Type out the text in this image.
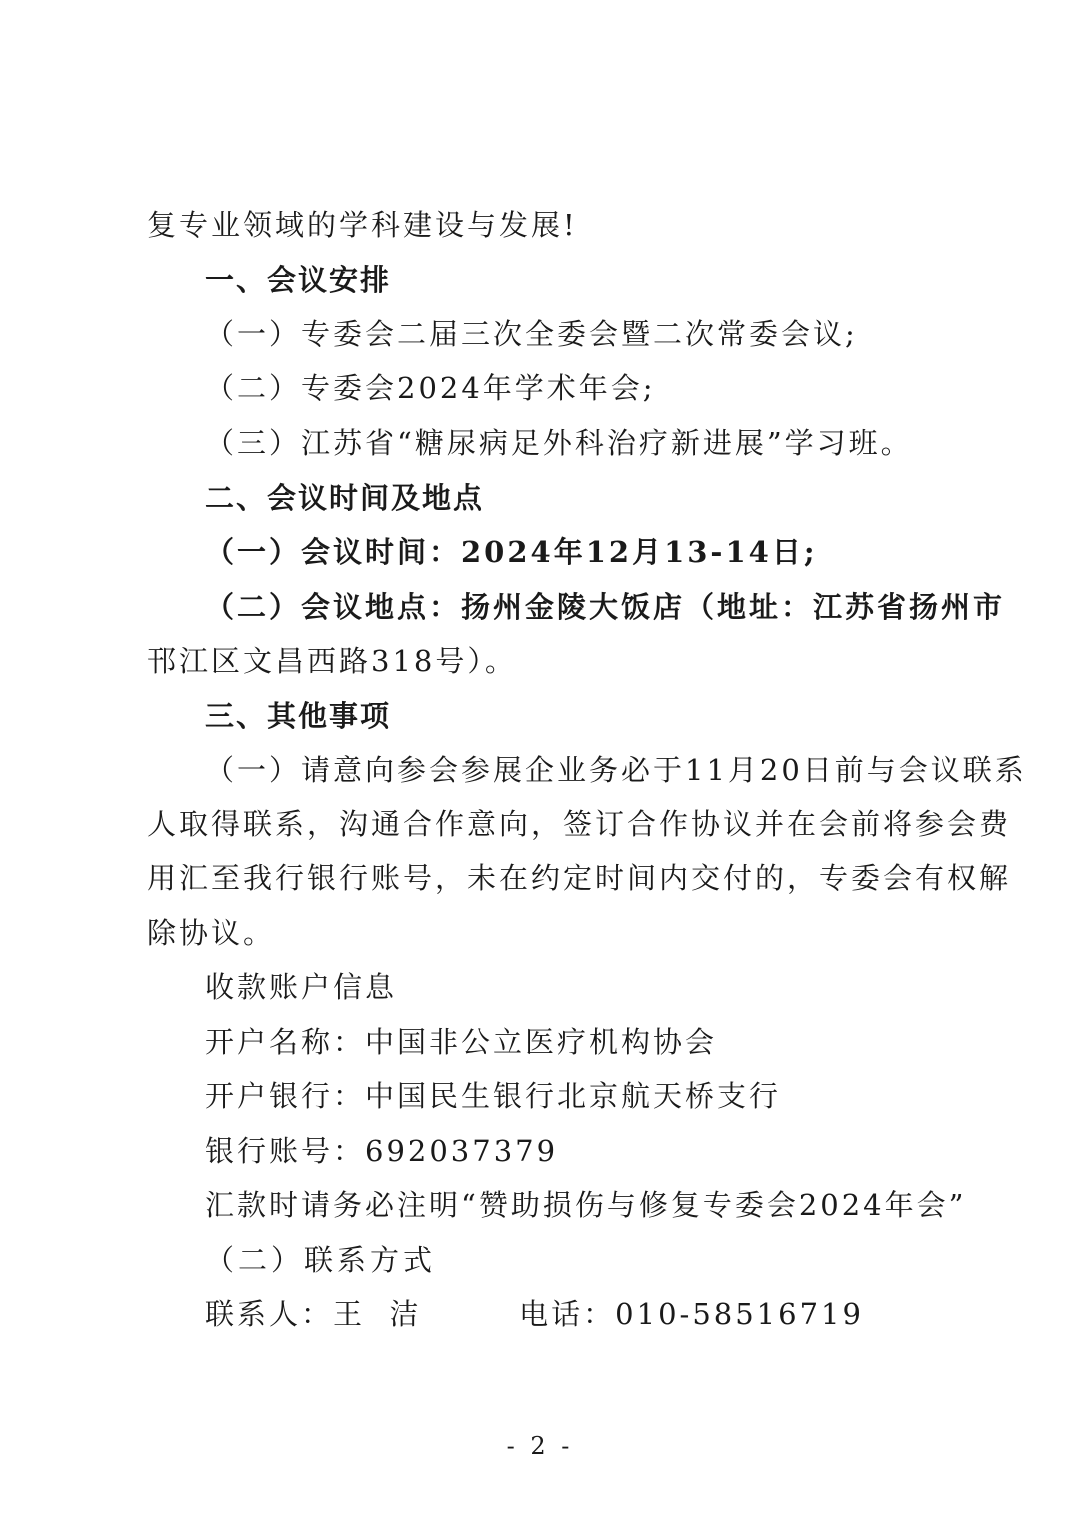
复专业领域的学科建设与发展!
一、会议安排
（一）专委会二届三次全委会暨二次常委会议;
（二）专委会2024年学术年会;
（三）江苏省“糖尿病足外科治疗新进展”学习班。
二、会议时间及地点
（一）会议时间：2024年12月13-14日;
（二）会议地点：扬州金陵大饭店（地址：江苏省扬州市
邗江区文昌西路318号）。
三、其他事项
（一）请意向参会参展企业务必于11月20日前与会议联系
人取得联系，沟通合作意向，签订合作协议并在会前将参会费
用汇至我行银行账号，未在约定时间内交付的，专委会有权解
除协议。
收款账户信息
开户名称：中国非公立医疗机构协会
开户银行：中国民生银行北京航天桥支行
银行账号：692037379
汇款时请务必注明“赞助损伤与修复专委会2024年会”
（二）联系方式
联系人：王  洁        电话：010-58516719
- 2 -
